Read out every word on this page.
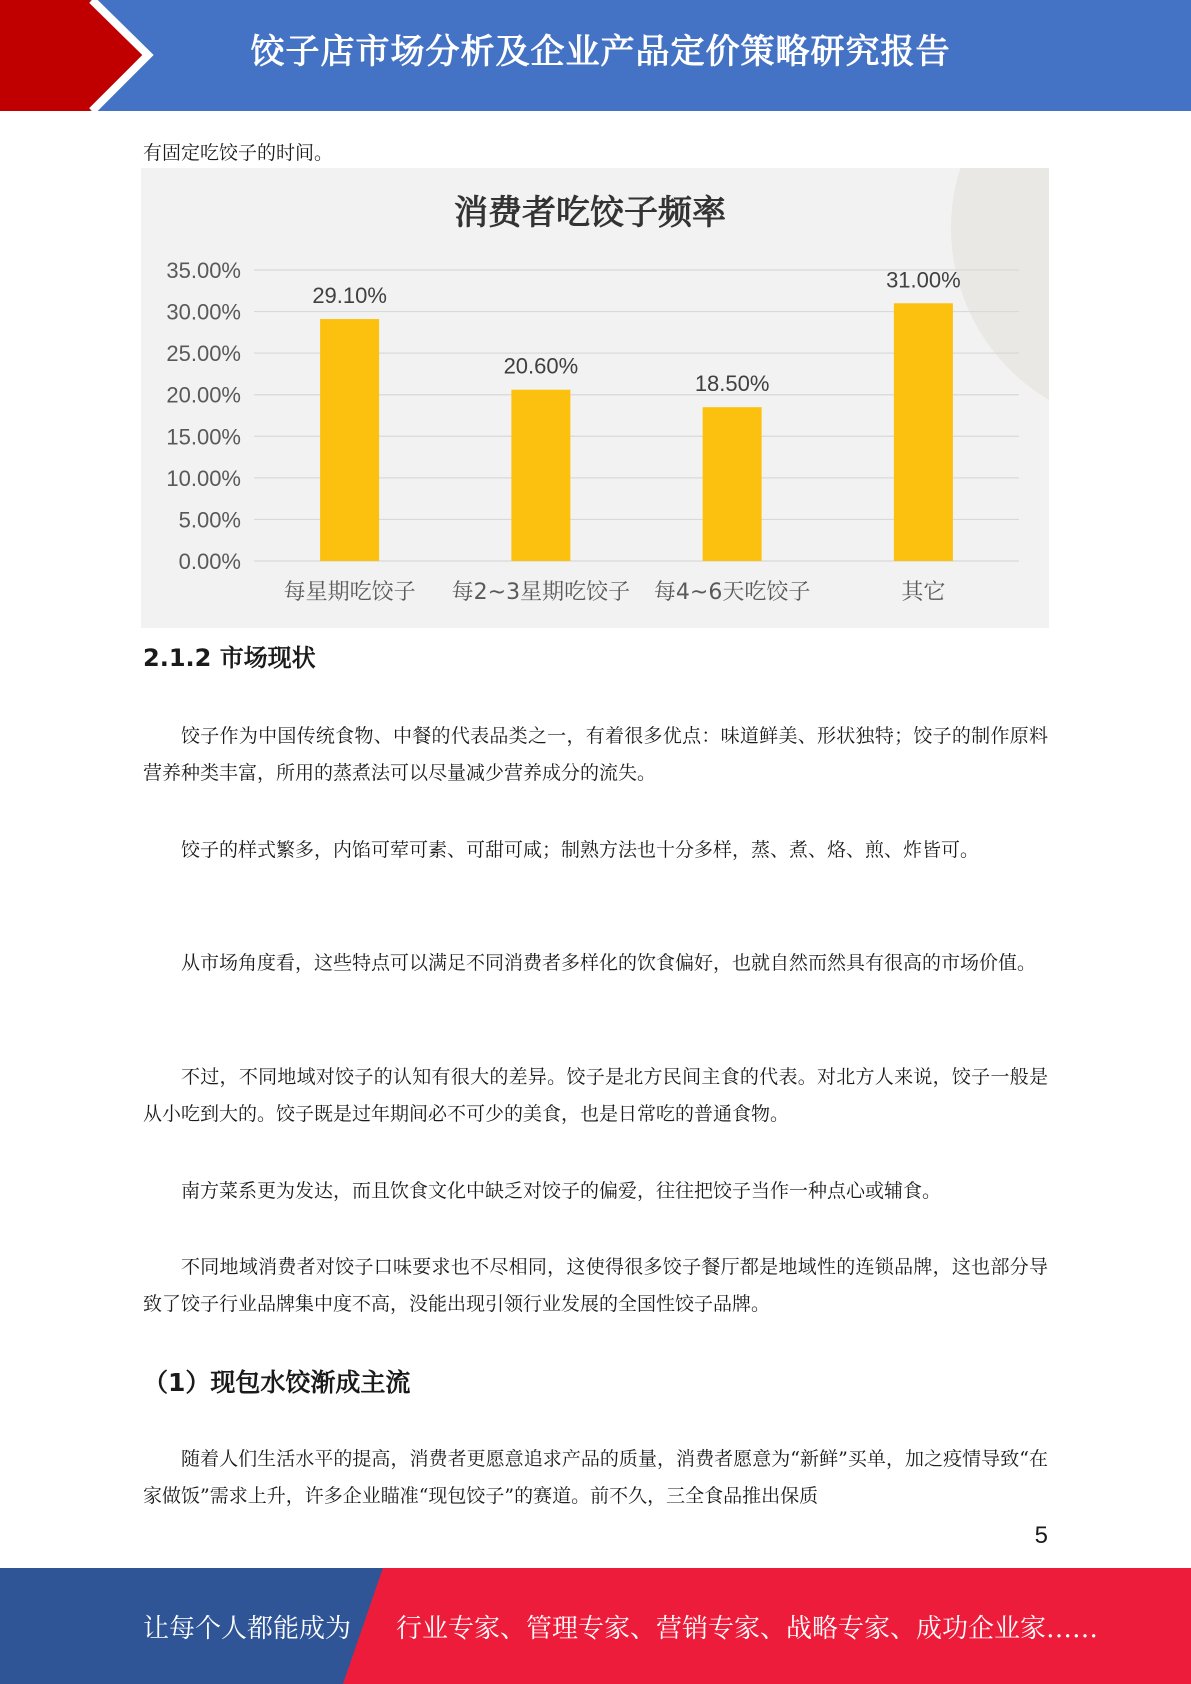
饺子店市场分析及企业产品定价策略研究报告
有固定吃饺子的时间。
消费者吃饺子频率
0.00%
5.00%
10.00%
15.00%
20.00%
25.00%
30.00%
35.00%
29.10%
每星期吃饺子
20.60%
每2~3星期吃饺子
18.50%
每4~6天吃饺子
31.00%
其它
2.1.2 市场现状
饺子作为中国传统食物、中餐的代表品类之一，有着很多优点：味道鲜美、形状独特；饺子的制作原料营养种类丰富，所用的蒸煮法可以尽量减少营养成分的流失。
饺子的样式繁多，内馅可荤可素、可甜可咸；制熟方法也十分多样，蒸、煮、烙、煎、炸皆可。
从市场角度看，这些特点可以满足不同消费者多样化的饮食偏好，也就自然而然具有很高的市场价值。
不过，不同地域对饺子的认知有很大的差异。饺子是北方民间主食的代表。对北方人来说，饺子一般是从小吃到大的。饺子既是过年期间必不可少的美食，也是日常吃的普通食物。
南方菜系更为发达，而且饮食文化中缺乏对饺子的偏爱，往往把饺子当作一种点心或辅食。
不同地域消费者对饺子口味要求也不尽相同，这使得很多饺子餐厅都是地域性的连锁品牌，这也部分导致了饺子行业品牌集中度不高，没能出现引领行业发展的全国性饺子品牌。
（1）现包水饺渐成主流
随着人们生活水平的提高，消费者更愿意追求产品的质量，消费者愿意为“新鲜”买单，加之疫情导致“在家做饭”需求上升，许多企业瞄准“现包饺子”的赛道。前不久，三全食品推出保质
5
让每个人都能成为 行业专家、管理专家、营销专家、战略专家、成功企业家……
